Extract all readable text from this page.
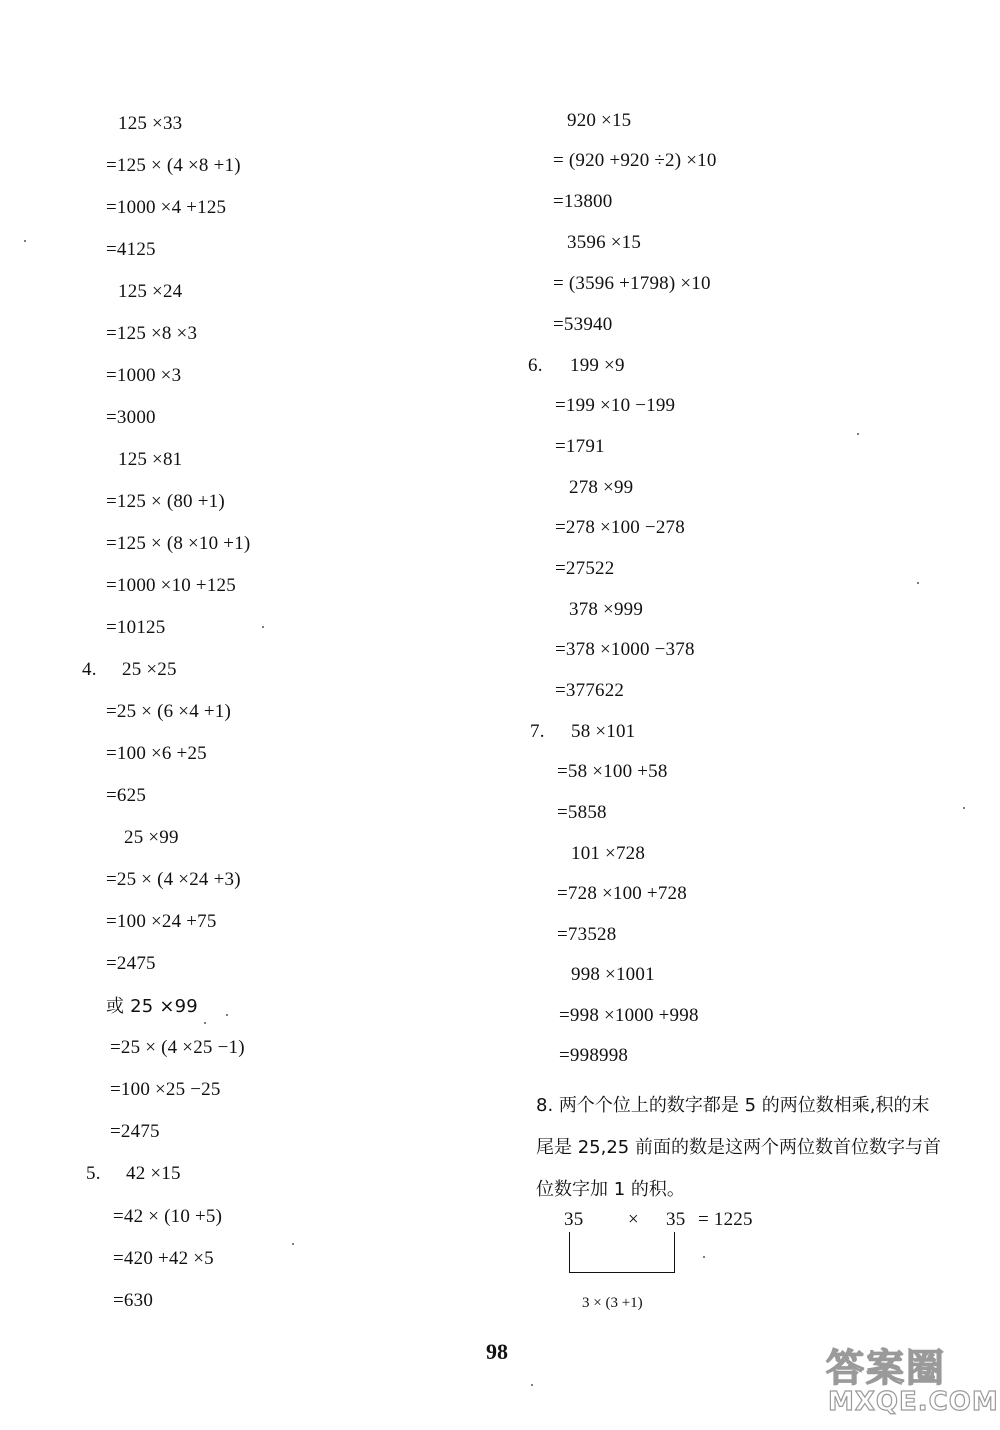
125 ×33
=125 × (4 ×8 +1)
=1000 ×4 +125
=4125
125 ×24
=125 ×8 ×3
=1000 ×3
=3000
125 ×81
=125 × (80 +1)
=125 × (8 ×10 +1)
=1000 ×10 +125
=10125
4. 25 ×25
=25 × (6 ×4 +1)
=100 ×6 +25
=625
25 ×99
=25 × (4 ×24 +3)
=100 ×24 +75
=2475
或 25 ×99
=25 × (4 ×25 −1)
=100 ×25 −25
=2475
5. 42 ×15
=42 × (10 +5)
=420 +42 ×5
=630
920 ×15
= (920 +920 ÷2) ×10
=13800
3596 ×15
= (3596 +1798) ×10
=53940
6. 199 ×9
=199 ×10 −199
=1791
278 ×99
=278 ×100 −278
=27522
378 ×999
=378 ×1000 −378
=377622
7. 58 ×101
=58 ×100 +58
=5858
101 ×728
=728 ×100 +728
=73528
998 ×1001
=998 ×1000 +998
=998998
8. 两个个位上的数字都是 5 的两位数相乘,积的末尾是 25,25 前面的数是这两个两位数首位数字与首位数字加 1 的积。
35 × 35 = 1225
3 × (3 +1)
98	答案圈
MXQE.COM
